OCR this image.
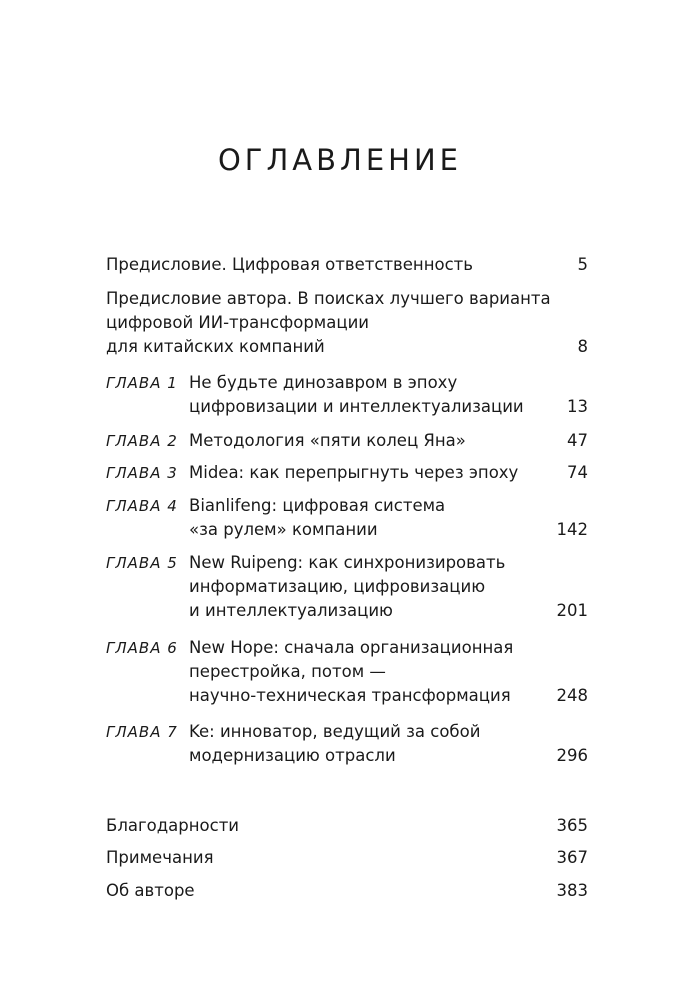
ОГЛАВЛЕНИЕ
Предисловие. Цифровая ответственность	5
Предисловие автора. В поисках лучшего варианта
цифровой ИИ-трансформации
для китайских компаний	8
ГЛАВА 1 Не будьте динозавром в эпоху
цифровизации и интеллектуализации	13
ГЛАВА 2 Методология «пяти колец Яна»	47
ГЛАВА 3 Midea: как перепрыгнуть через эпоху	74
ГЛАВА 4 Bianlifeng: цифровая система
«за рулем» компании	142
ГЛАВА 5 New Ruipeng: как синхронизировать
информатизацию, цифровизацию
и интеллектуализацию	201
ГЛАВА 6 New Hope: сначала организационная
перестройка, потом —
научно-техническая трансформация	248
ГЛАВА 7 Ke: инноватор, ведущий за собой
модернизацию отрасли	296
Благодарности	365
Примечания	367
Об авторе	383
